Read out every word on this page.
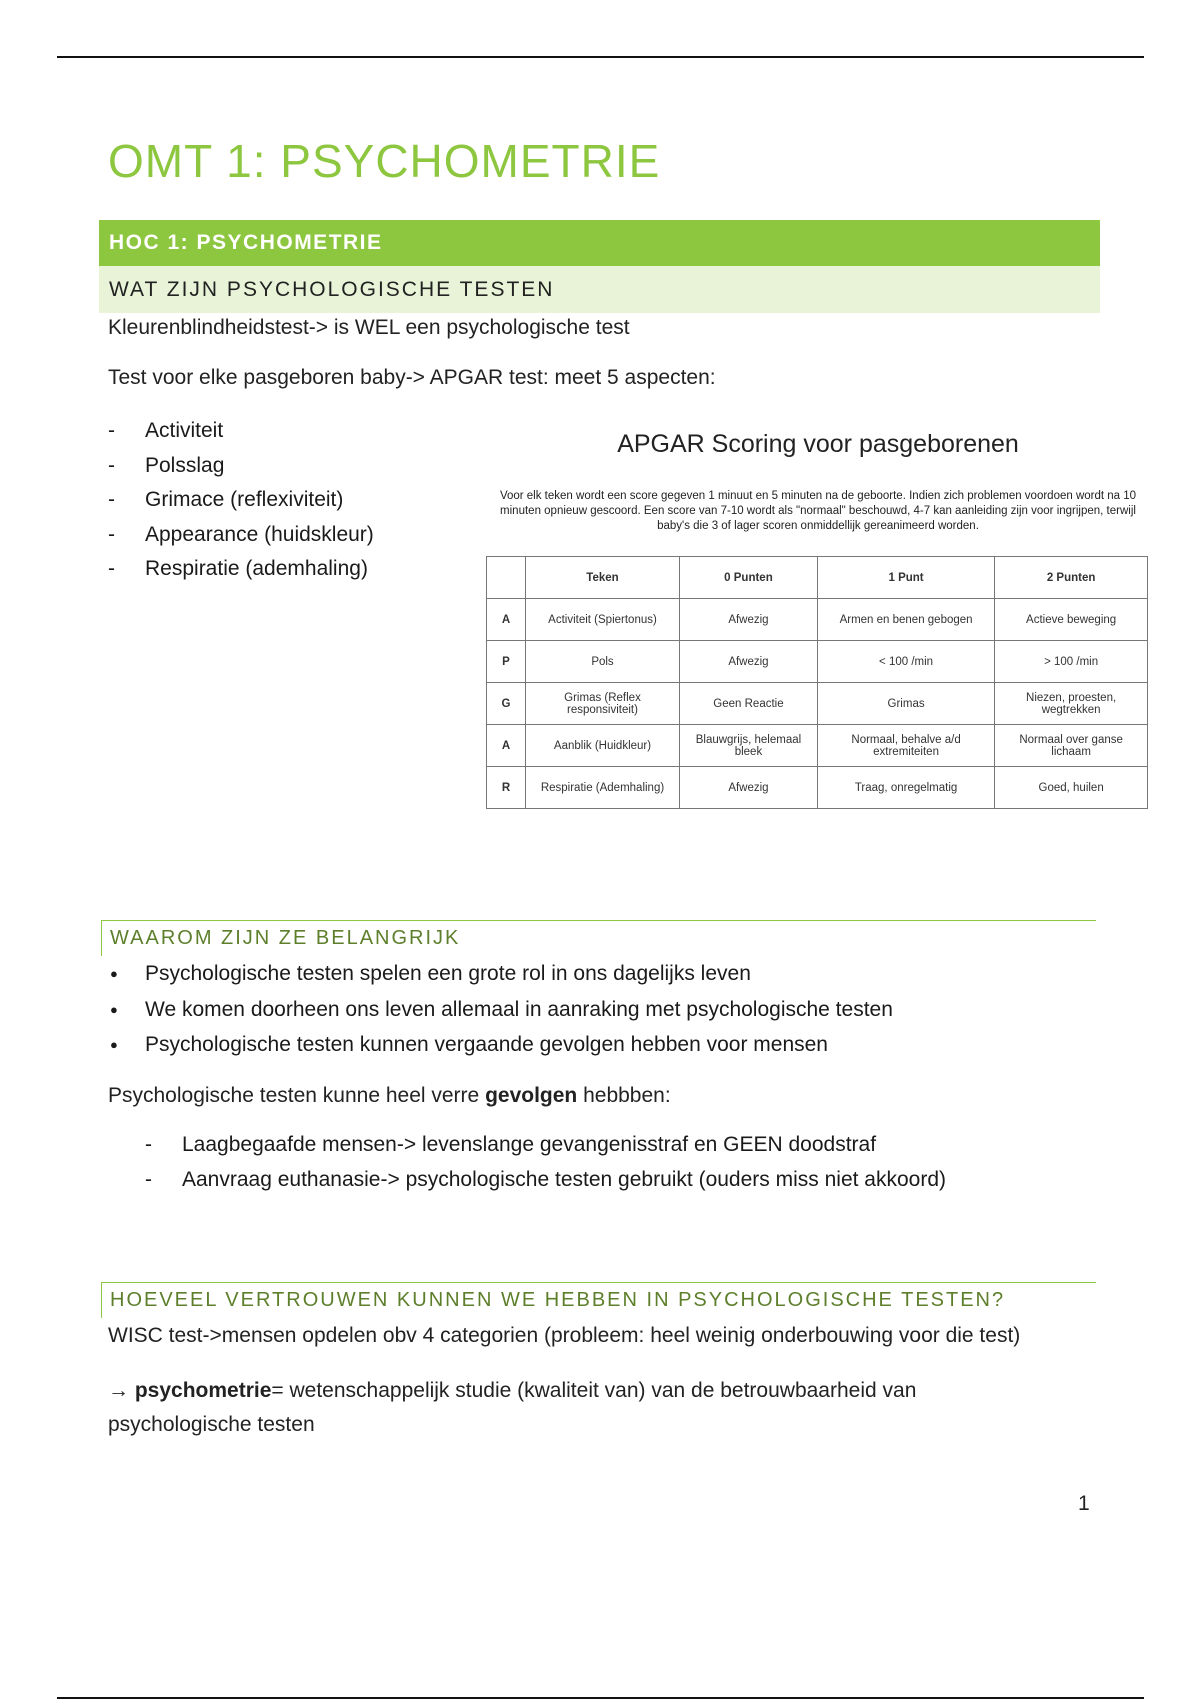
OMT 1: PSYCHOMETRIE
HOC 1: PSYCHOMETRIE
WAT ZIJN PSYCHOLOGISCHE TESTEN
Kleurenblindheidstest-> is WEL een psychologische test
Test voor elke pasgeboren baby-> APGAR test: meet 5 aspecten:
- Activiteit
- Polsslag
- Grimace (reflexiviteit)
- Appearance (huidskleur)
- Respiratie (ademhaling)
APGAR Scoring voor pasgeborenen
Voor elk teken wordt een score gegeven 1 minuut en 5 minuten na de geboorte. Indien zich problemen voordoen wordt na 10 minuten opnieuw gescoord. Een score van 7-10 wordt als "normaal" beschouwd, 4-7 kan aanleiding zijn voor ingrijpen, terwijl baby's die 3 of lager scoren onmiddellijk gereanimeerd worden.
	Teken	0 Punten	1 Punt	2 Punten
A	Activiteit (Spiertonus)	Afwezig	Armen en benen gebogen	Actieve beweging
P	Pols	Afwezig	< 100 /min	> 100 /min
G	Grimas (Reflex responsiviteit)	Geen Reactie	Grimas	Niezen, proesten, wegtrekken
A	Aanblik (Huidkleur)	Blauwgrijs, helemaal bleek	Normaal, behalve a/d extremiteiten	Normaal over ganse lichaam
R	Respiratie (Ademhaling)	Afwezig	Traag, onregelmatig	Goed, huilen
WAAROM ZIJN ZE BELANGRIJK
● Psychologische testen spelen een grote rol in ons dagelijks leven
● We komen doorheen ons leven allemaal in aanraking met psychologische testen
● Psychologische testen kunnen vergaande gevolgen hebben voor mensen
Psychologische testen kunne heel verre gevolgen hebbben:
- Laagbegaafde mensen-> levenslange gevangenisstraf en GEEN doodstraf
- Aanvraag euthanasie-> psychologische testen gebruikt (ouders miss niet akkoord)
HOEVEEL VERTROUWEN KUNNEN WE HEBBEN IN PSYCHOLOGISCHE TESTEN?
WISC test->mensen opdelen obv 4 categorien (probleem: heel weinig onderbouwing voor die test)
→ psychometrie= wetenschappelijk studie (kwaliteit van) van de betrouwbaarheid van
psychologische testen
1
